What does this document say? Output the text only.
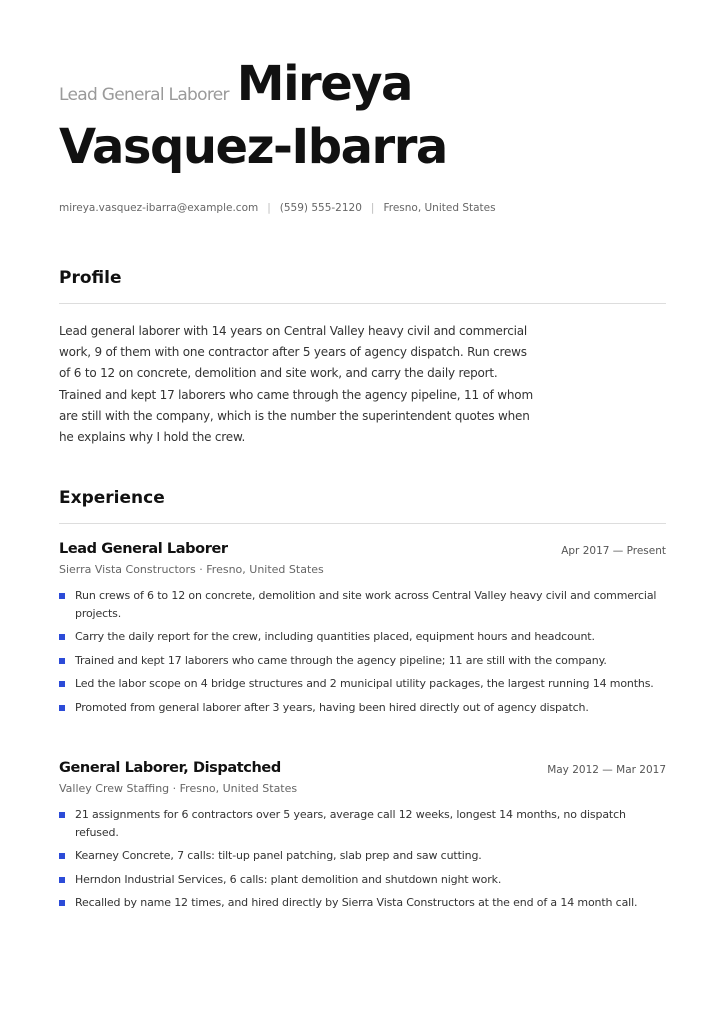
Lead General Laborer Mireya
Vasquez-Ibarra
mireya.vasquez-ibarra@example.com | (559) 555-2120 | Fresno, United States
Profile
Lead general laborer with 14 years on Central Valley heavy civil and commercial work, 9 of them with one contractor after 5 years of agency dispatch. Run crews of 6 to 12 on concrete, demolition and site work, and carry the daily report. Trained and kept 17 laborers who came through the agency pipeline, 11 of whom are still with the company, which is the number the superintendent quotes when he explains why I hold the crew.
Experience
Lead General Laborer	Apr 2017 — Present
Sierra Vista Constructors · Fresno, United States
Run crews of 6 to 12 on concrete, demolition and site work across Central Valley heavy civil and commercial projects.
Carry the daily report for the crew, including quantities placed, equipment hours and headcount.
Trained and kept 17 laborers who came through the agency pipeline; 11 are still with the company.
Led the labor scope on 4 bridge structures and 2 municipal utility packages, the largest running 14 months.
Promoted from general laborer after 3 years, having been hired directly out of agency dispatch.
General Laborer, Dispatched	May 2012 — Mar 2017
Valley Crew Staffing · Fresno, United States
21 assignments for 6 contractors over 5 years, average call 12 weeks, longest 14 months, no dispatch refused.
Kearney Concrete, 7 calls: tilt-up panel patching, slab prep and saw cutting.
Herndon Industrial Services, 6 calls: plant demolition and shutdown night work.
Recalled by name 12 times, and hired directly by Sierra Vista Constructors at the end of a 14 month call.
